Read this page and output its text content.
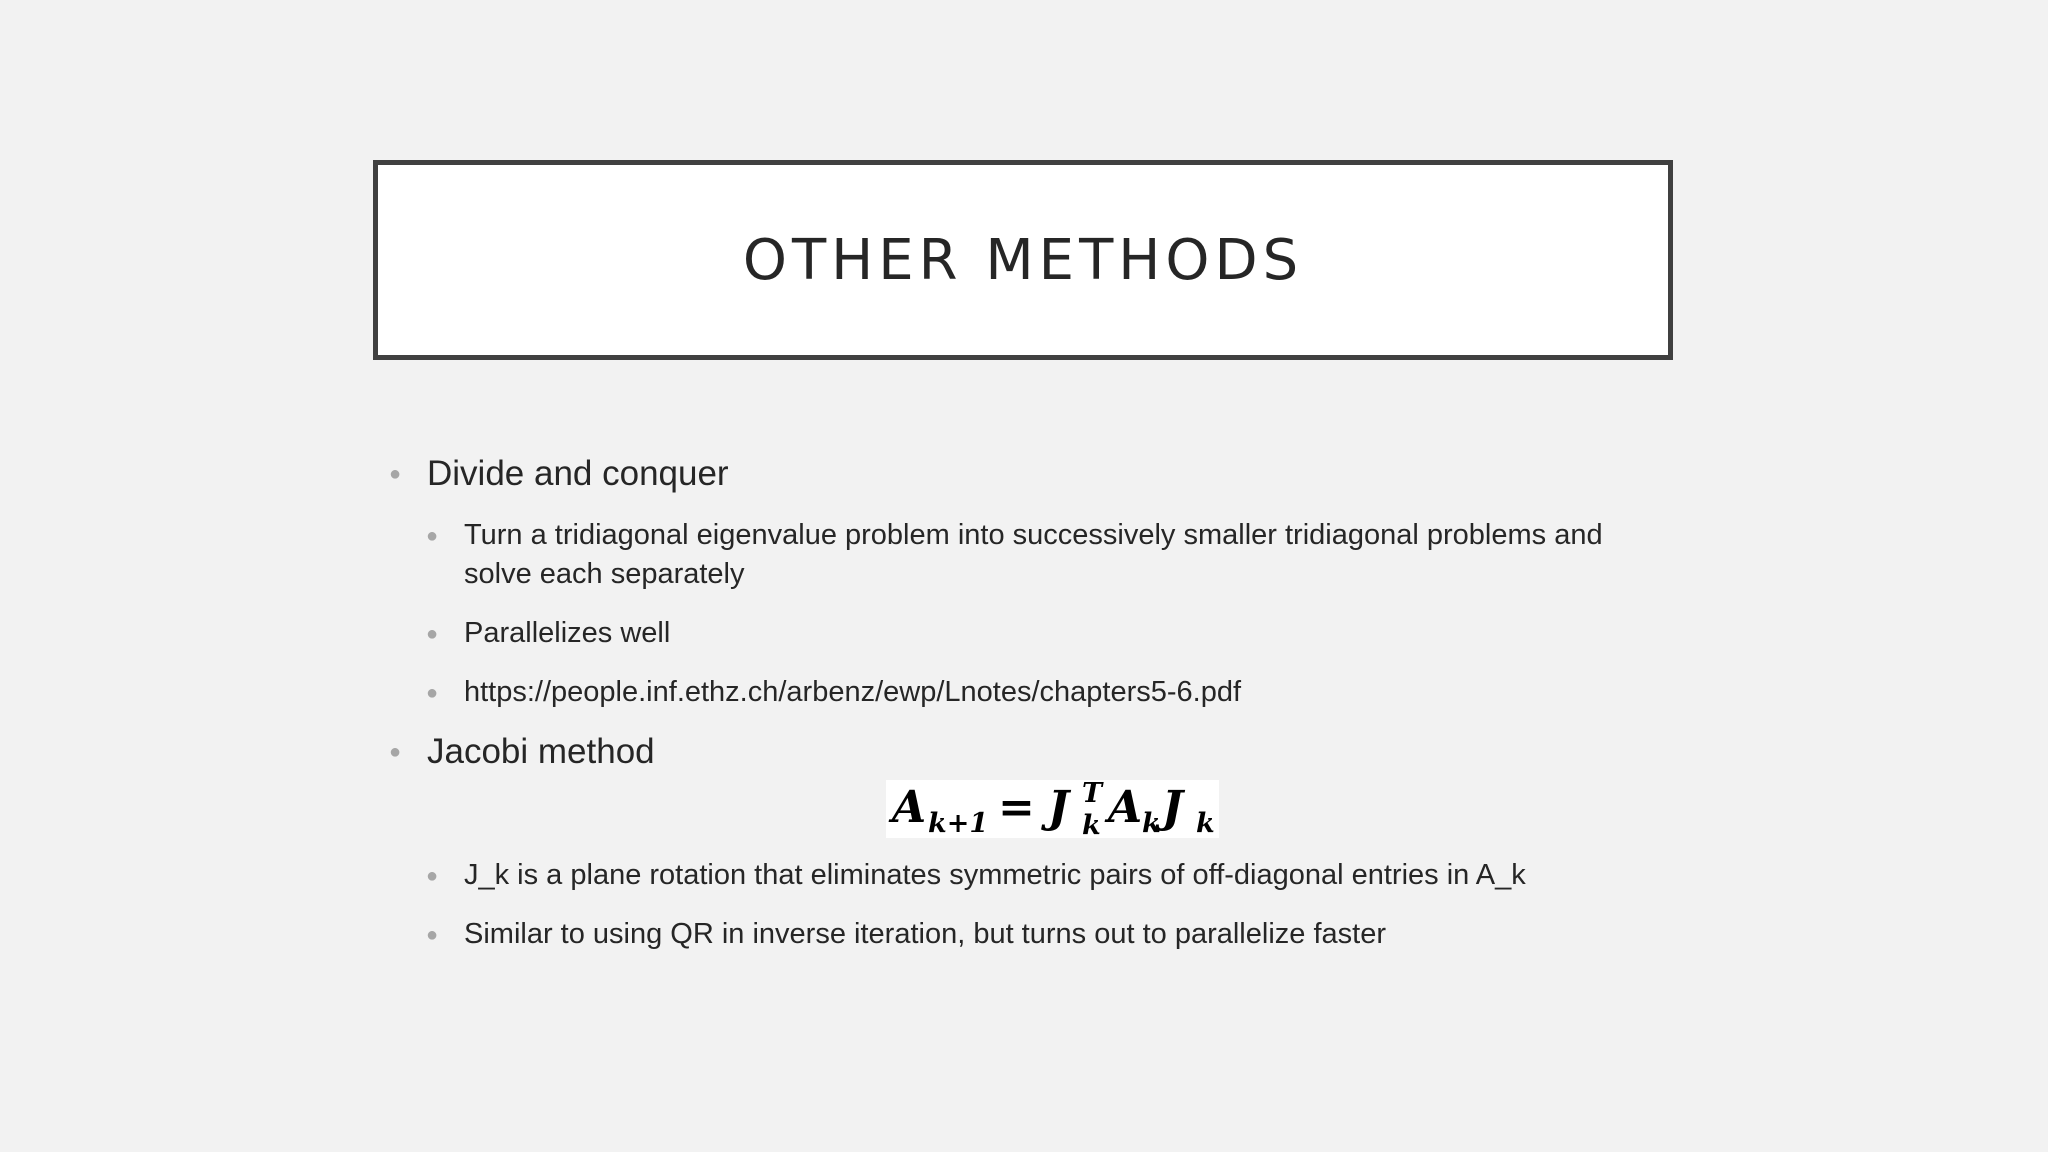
OTHER METHODS
● Divide and conquer
● Turn a tridiagonal eigenvalue problem into successively smaller tridiagonal problems and solve each separately
● Parallelizes well
● https://people.inf.ethz.ch/arbenz/ewp/Lnotes/chapters5-6.pdf
● Jacobi method
● J_k is a plane rotation that eliminates symmetric pairs of off-diagonal entries in A_k
● Similar to using QR in inverse iteration, but turns out to parallelize faster
A k+1 = J T
k A k J k
